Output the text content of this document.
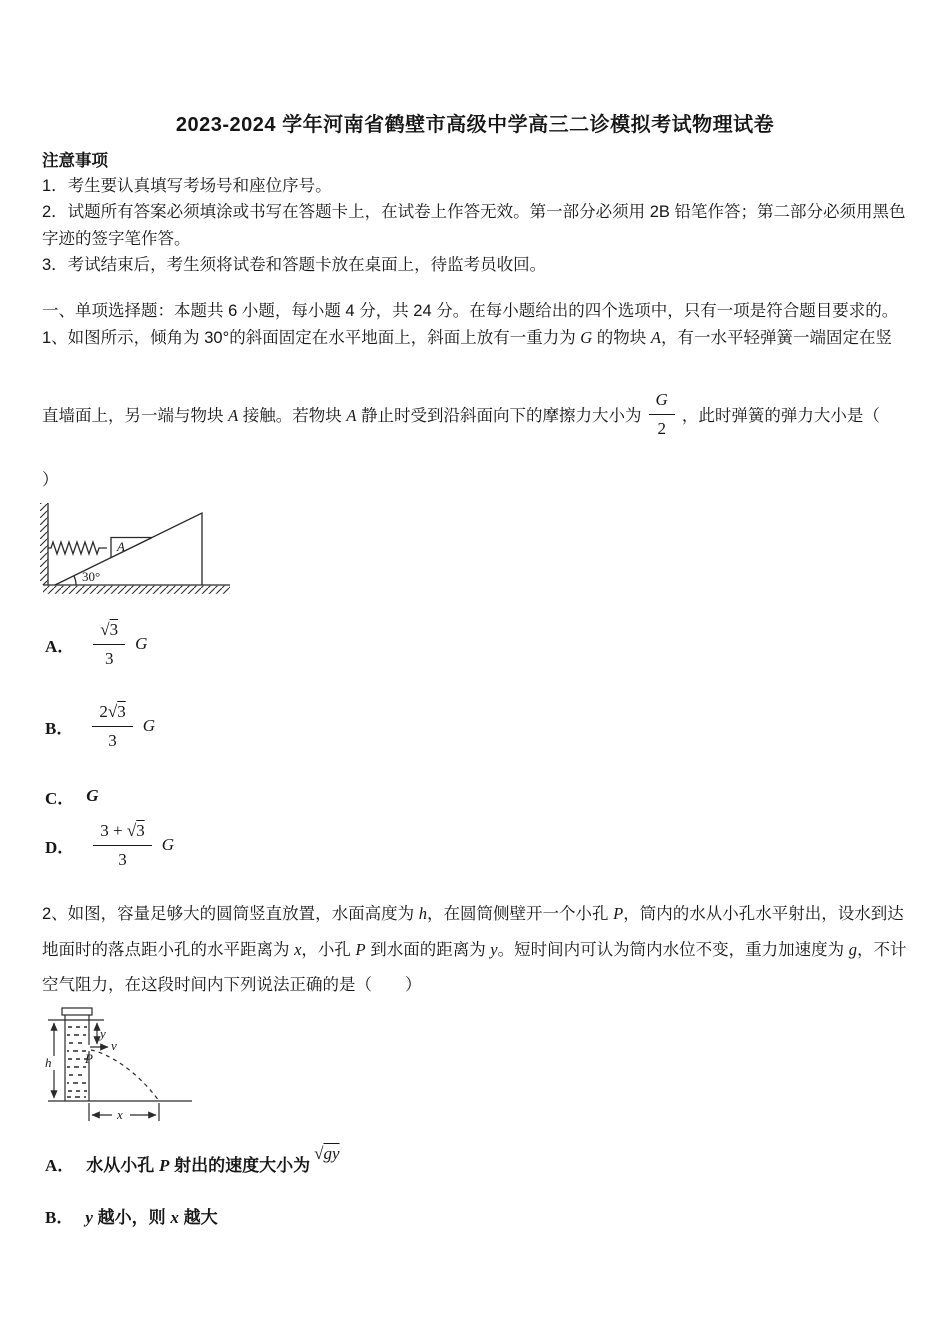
2023-2024 学年河南省鹤壁市高级中学高三二诊模拟考试物理试卷
注意事项
1．考生要认真填写考场号和座位序号。
2．试题所有答案必须填涂或书写在答题卡上，在试卷上作答无效。第一部分必须用 2B 铅笔作答；第二部分必须用黑色字迹的签字笔作答。
3．考试结束后，考生须将试卷和答题卡放在桌面上，待监考员收回。
一、单项选择题：本题共 6 小题，每小题 4 分，共 24 分。在每小题给出的四个选项中，只有一项是符合题目要求的。
1、如图所示，倾角为 30°的斜面固定在水平地面上，斜面上放有一重力为 G 的物块 A，有一水平轻弹簧一端固定在竖
直墙面上，另一端与物块 A 接触。若物块 A 静止时受到沿斜面向下的摩擦力大小为 $\frac{G}{2}$ ，此时弹簧的弹力大小是（
）
A
30°
A． $\frac{√3}{3}$ G
B． $\frac{2√3}{3}$ G
C． G
D． $\frac{3 + √3}{3}$ G
2、如图，容量足够大的圆筒竖直放置，水面高度为 h，在圆筒侧壁开一个小孔 P，筒内的水从小孔水平射出，设水到达地面时的落点距小孔的水平距离为 x，小孔 P 到水面的距离为 y。短时间内可认为筒内水位不变，重力加速度为 g，不计空气阻力，在这段时间内下列说法正确的是（　　）
h
y
v
P
x
A． 水从小孔 P 射出的速度大小为
√gy
B． y 越小，则 x 越大
